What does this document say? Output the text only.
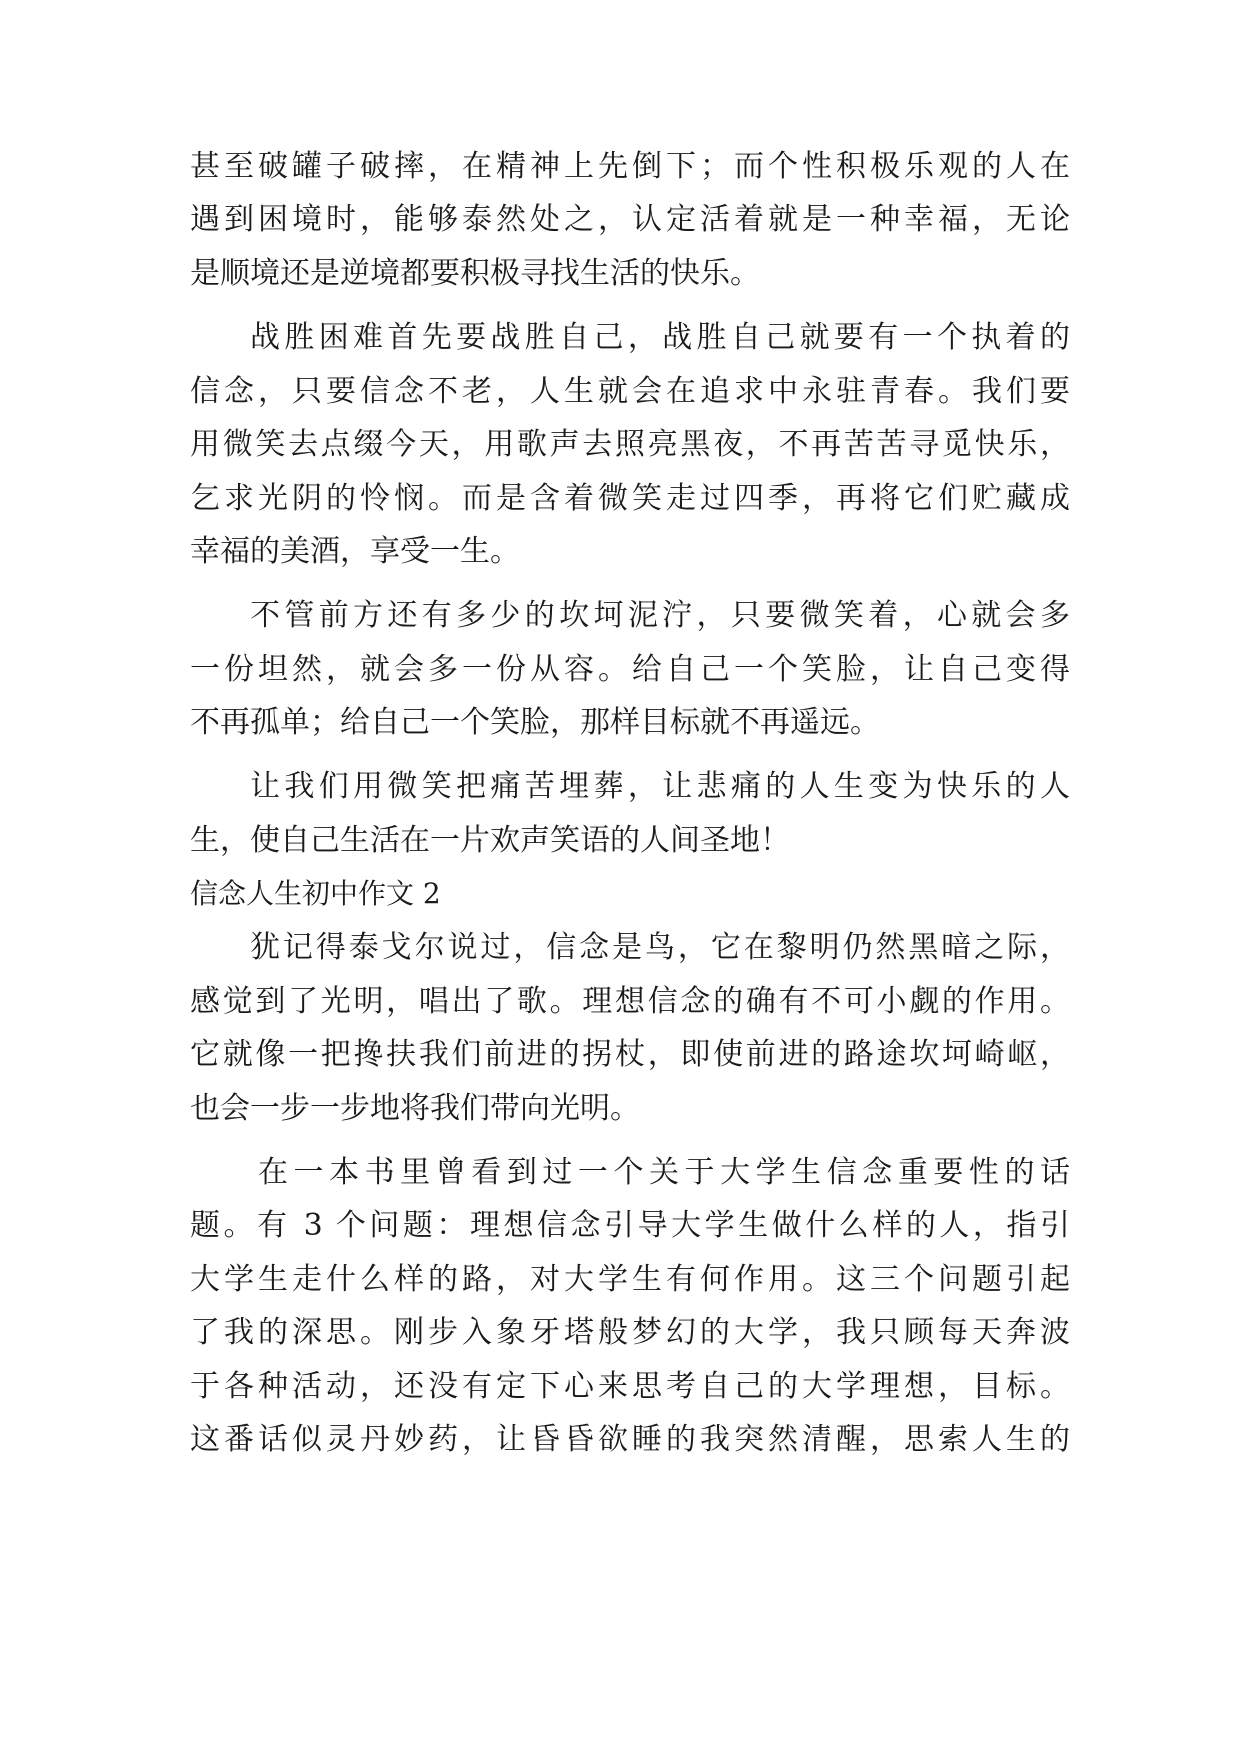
甚至破罐子破摔，在精神上先倒下；而个性积极乐观的人在
遇到困境时，能够泰然处之，认定活着就是一种幸福，无论
是顺境还是逆境都要积极寻找生活的快乐。
战胜困难首先要战胜自己，战胜自己就要有一个执着的
信念，只要信念不老，人生就会在追求中永驻青春。我们要
用微笑去点缀今天，用歌声去照亮黑夜，不再苦苦寻觅快乐，
乞求光阴的怜悯。而是含着微笑走过四季，再将它们贮藏成
幸福的美酒，享受一生。
不管前方还有多少的坎坷泥泞，只要微笑着，心就会多
一份坦然，就会多一份从容。给自己一个笑脸，让自己变得
不再孤单；给自己一个笑脸，那样目标就不再遥远。
让我们用微笑把痛苦埋葬，让悲痛的人生变为快乐的人
生，使自己生活在一片欢声笑语的人间圣地！
信念人生初中作文 2
犹记得泰戈尔说过，信念是鸟，它在黎明仍然黑暗之际，
感觉到了光明，唱出了歌。理想信念的确有不可小觑的作用。
它就像一把搀扶我们前进的拐杖，即使前进的路途坎坷崎岖，
也会一步一步地将我们带向光明。
在一本书里曾看到过一个关于大学生信念重要性的话
题。有 3 个问题：理想信念引导大学生做什么样的人，指引
大学生走什么样的路，对大学生有何作用。这三个问题引起
了我的深思。刚步入象牙塔般梦幻的大学，我只顾每天奔波
于各种活动，还没有定下心来思考自己的大学理想，目标。
这番话似灵丹妙药，让昏昏欲睡的我突然清醒，思索人生的
